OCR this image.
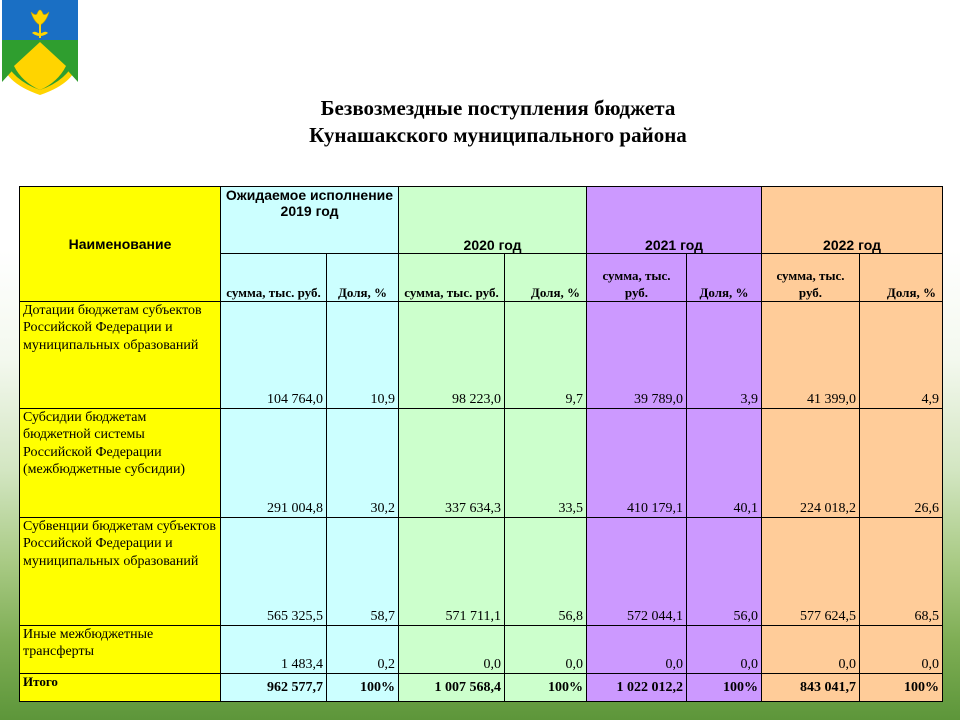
Безвозмездные поступления бюджета
Кунашакского муниципального района
Наименование	Ожидаемое исполнение 2019 год		2020 год		2021 год		2022 год	
	сумма, тыс. руб.	Доля, %	сумма, тыс. руб.	Доля, %	сумма, тыс. руб.	Доля, %	сумма, тыс. руб.	Доля, %
Дотации бюджетам субъектов Российской Федерации и муниципальных образований	104 764,0	10,9	98 223,0	9,7	39 789,0	3,9	41 399,0	4,9
Субсидии бюджетам бюджетной системы Российской Федерации (межбюджетные субсидии)	291 004,8	30,2	337 634,3	33,5	410 179,1	40,1	224 018,2	26,6
Субвенции бюджетам субъектов Российской Федерации и муниципальных образований	565 325,5	58,7	571 711,1	56,8	572 044,1	56,0	577 624,5	68,5
Иные межбюджетные трансферты	1 483,4	0,2	0,0	0,0	0,0	0,0	0,0	0,0
Итого	962 577,7	100%	1 007 568,4	100%	1 022 012,2	100%	843 041,7	100%
